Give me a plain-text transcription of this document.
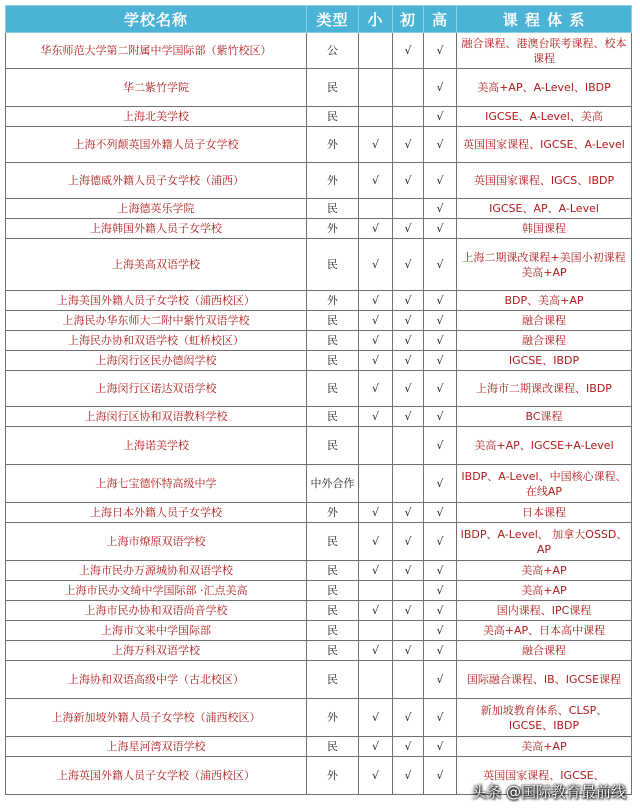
学校名称	类型	小	初	高	课 程 体 系

华东师范大学第二附属中学国际部（紫竹校区）	公		√	√	融合课程、港澳台联考课程、校本课程

华二紫竹学院	民			√	美高+AP、A-Level、IBDP

上海北美学校	民			√	IGCSE、A-Level、美高

上海不列颠英国外籍人员子女学校	外	√	√	√	英国国家课程、IGCSE、A-Level

上海德威外籍人员子女学校（浦西）	外	√	√	√	英国国家课程、IGCS、IBDP

上海德英乐学院	民			√	IGCSE、AP、A-Level

上海韩国外籍人员子女学校	外	√	√	√	韩国课程

上海美高双语学校	民	√	√	√	上海二期课改课程+美国小初课程 美高+AP

上海美国外籍人员子女学校（浦西校区）	外	√	√	√	BDP、美高+AP

上海民办华东师大二附中紫竹双语学校	民	√	√	√	融合课程

上海民办协和双语学校（虹桥校区）	民	√	√	√	融合课程

上海闵行区民办德闳学校	民	√	√	√	IGCSE、IBDP

上海闵行区诺达双语学校	民	√	√	√	上海市二期课改课程、IBDP

上海闵行区协和双语教科学校	民	√	√	√	BC课程

上海诺美学校	民			√	美高+AP、IGCSE+A-Level

上海七宝德怀特高级中学	中外合作			√	IBDP、A-Level、中国核心课程、在线AP

上海日本外籍人员子女学校	外	√	√	√	日本课程

上海市燎原双语学校	民	√	√	√	IBDP、A-Level、 加拿大OSSD、AP

上海市民办万源城协和双语学校	民	√	√	√	美高+AP

上海市民办文绮中学国际部 ·汇点美高	民			√	美高+AP

上海市民办协和双语尚音学校	民	√	√	√	国内课程、IPC课程

上海市文来中学国际部	民			√	美高+AP、日本高中课程

上海万科双语学校	民	√	√	√	融合课程

上海协和双语高级中学（古北校区）	民			√	国际融合课程、IB、IGCSE课程

上海新加坡外籍人员子女学校（浦西校区）	外	√	√	√	新加坡教育体系、CLSP、IGCSE、IBDP

上海星河湾双语学校	民	√	√	√	美高+AP

上海英国外籍人员子女学校（浦西校区）	外	√	√	√	英国国家课程、IGCSE、
头条 @国际教育最前线
